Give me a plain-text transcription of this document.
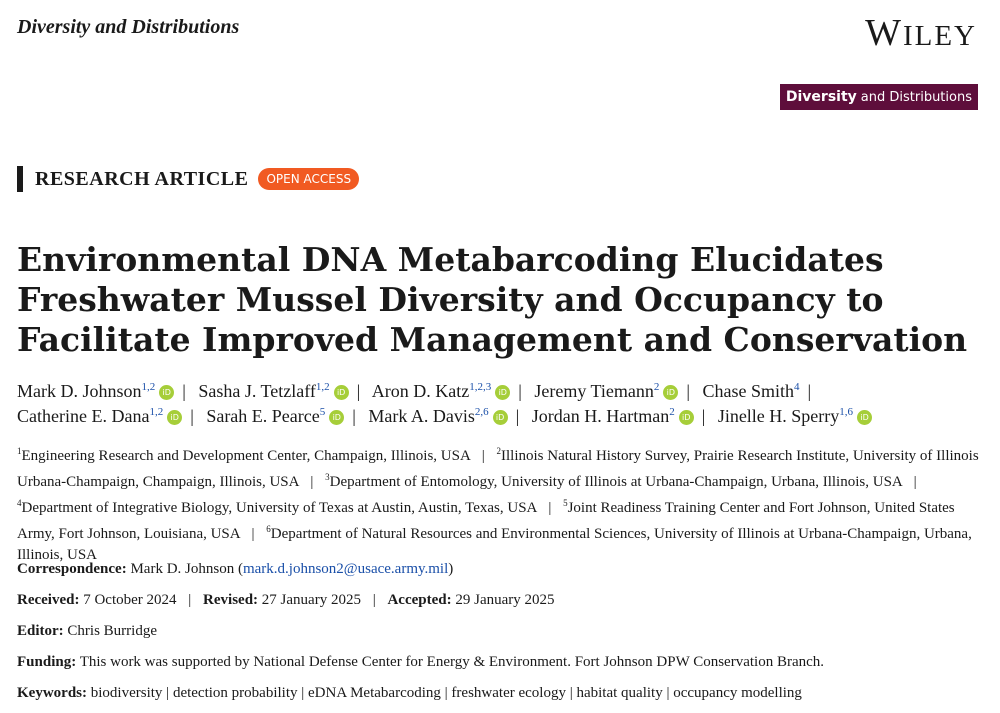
Diversity and Distributions	WILEY
Diversity and Distributions
RESEARCH ARTICLE	OPEN ACCESS
Environmental DNA Metabarcoding Elucidates Freshwater Mussel Diversity and Occupancy to Facilitate Improved Management and Conservation
Mark D. Johnson$^{1,2}$ iD | Sasha J. Tetzlaff$^{1,2}$ iD | Aron D. Katz$^{1,2,3}$ iD | Jeremy Tiemann$^2$ iD | Chase Smith$^4$ | Catherine E. Dana$^{1,2}$ iD | Sarah E. Pearce$^5$ iD | Mark A. Davis$^{2,6}$ iD | Jordan H. Hartman$^2$ iD | Jinelle H. Sperry$^{1,6}$ iD
$^1$Engineering Research and Development Center, Champaign, Illinois, USA | $^2$Illinois Natural History Survey, Prairie Research Institute, University of Illinois Urbana-Champaign, Champaign, Illinois, USA | $^3$Department of Entomology, University of Illinois at Urbana-Champaign, Urbana, Illinois, USA | $^4$Department of Integrative Biology, University of Texas at Austin, Austin, Texas, USA | $^5$Joint Readiness Training Center and Fort Johnson, United States Army, Fort Johnson, Louisiana, USA | $^6$Department of Natural Resources and Environmental Sciences, University of Illinois at Urbana-Champaign, Urbana, Illinois, USA
Correspondence: Mark D. Johnson (mark.d.johnson2@usace.army.mil)
Received: 7 October 2024 | Revised: 27 January 2025 | Accepted: 29 January 2025
Editor: Chris Burridge
Funding: This work was supported by National Defense Center for Energy & Environment. Fort Johnson DPW Conservation Branch.
Keywords: biodiversity | detection probability | eDNA Metabarcoding | freshwater ecology | habitat quality | occupancy modelling
